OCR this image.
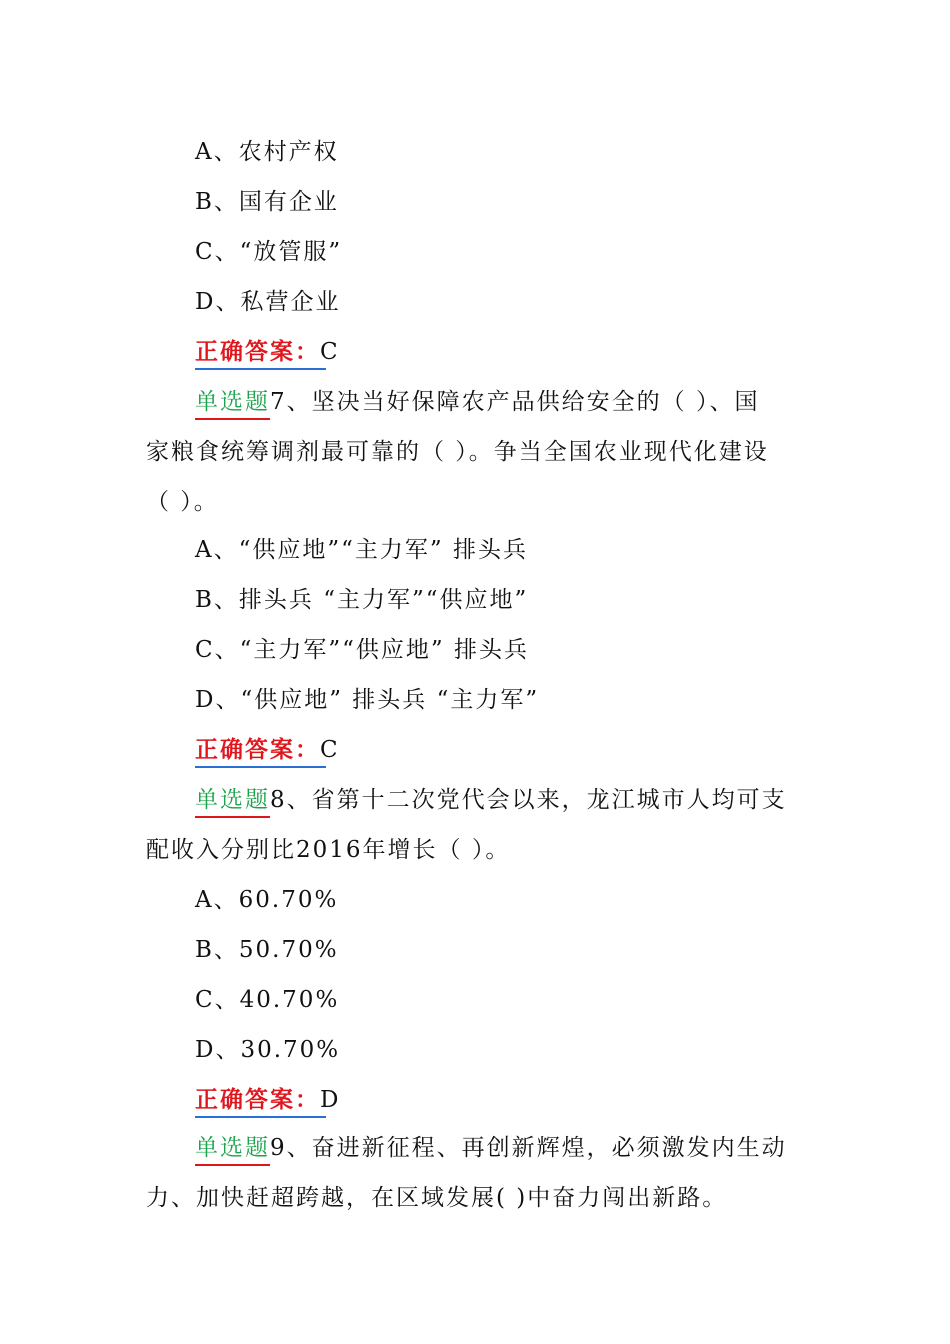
A、农村产权
B、国有企业
C、“放管服”
D、私营企业
正确答案：C
单选题7、坚决当好保障农产品供给安全的（ ）、国
家粮食统筹调剂最可靠的（ ）。争当全国农业现代化建设
（ ）。
A、“供应地”“主力军” 排头兵
B、排头兵 “主力军”“供应地”
C、“主力军”“供应地” 排头兵
D、“供应地” 排头兵 “主力军”
正确答案：C
单选题8、省第十二次党代会以来，龙江城市人均可支
配收入分别比2016年增长（ ）。
A、60.70%
B、50.70%
C、40.70%
D、30.70%
正确答案：D
单选题9、奋进新征程、再创新辉煌，必须激发内生动
力、加快赶超跨越，在区域发展( )中奋力闯出新路。
